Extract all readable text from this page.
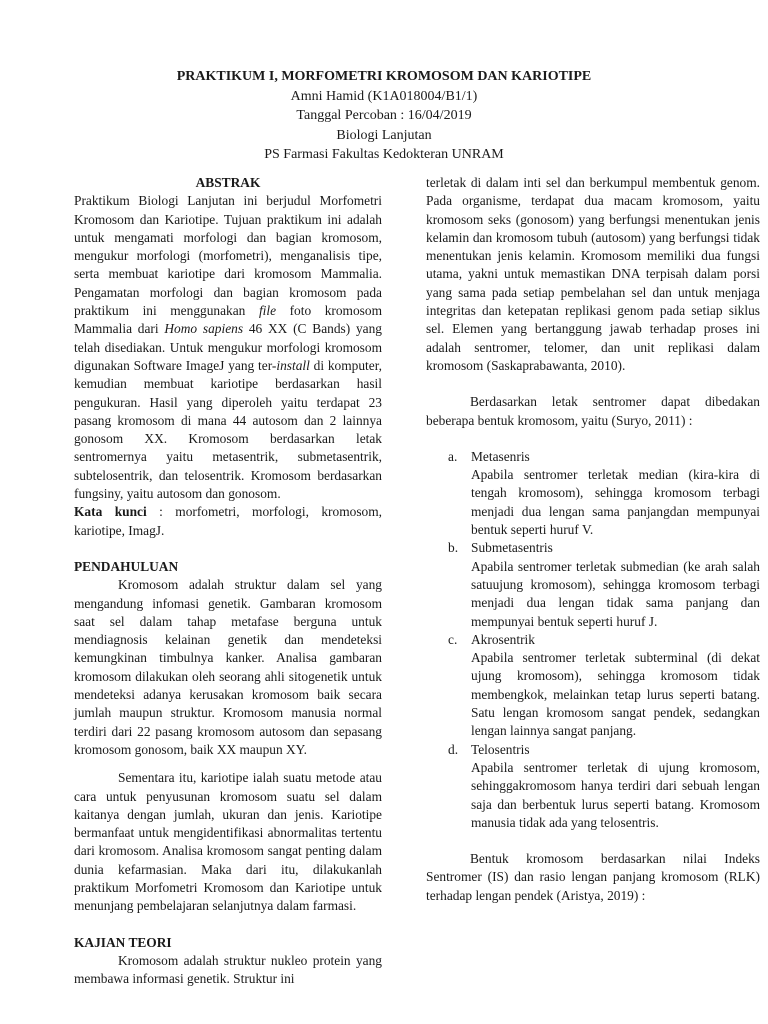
PRAKTIKUM I, MORFOMETRI KROMOSOM DAN KARIOTIPE
Amni Hamid (K1A018004/B1/1)
Tanggal Percoban : 16/04/2019
Biologi Lanjutan
PS Farmasi Fakultas Kedokteran UNRAM
ABSTRAK

Praktikum Biologi Lanjutan ini berjudul Morfometri Kromosom dan Kariotipe. Tujuan praktikum ini adalah untuk mengamati morfologi dan bagian kromosom, mengukur morfologi (morfometri), menganalisis tipe, serta membuat kariotipe dari kromosom Mammalia. Pengamatan morfologi dan bagian kromosom pada praktikum ini menggunakan file foto kromosom Mammalia dari Homo sapiens 46 XX (C Bands) yang telah disediakan. Untuk mengukur morfologi kromosom digunakan Software ImageJ yang ter-install di komputer, kemudian membuat kariotipe berdasarkan hasil pengukuran. Hasil yang diperoleh yaitu terdapat 23 pasang kromosom di mana 44 autosom dan 2 lainnya gonosom XX. Kromosom berdasarkan letak sentromernya yaitu metasentrik, submetasentrik, subtelosentrik, dan telosentrik. Kromosom berdasarkan fungsiny, yaitu autosom dan gonosom.

Kata kunci : morfometri, morfologi, kromosom, kariotipe, ImagJ.

PENDAHULUAN

Kromosom adalah struktur dalam sel yang mengandung infomasi genetik. Gambaran kromosom saat sel dalam tahap metafase berguna untuk mendiagnosis kelainan genetik dan mendeteksi kemungkinan timbulnya kanker. Analisa gambaran kromosom dilakukan oleh seorang ahli sitogenetik untuk mendeteksi adanya kerusakan kromosom baik secara jumlah maupun struktur. Kromosom manusia normal terdiri dari 22 pasang kromosom autosom dan sepasang kromosom gonosom, baik XX maupun XY.

Sementara itu, kariotipe ialah suatu metode atau cara untuk penyusunan kromosom suatu sel dalam kaitanya dengan jumlah, ukuran dan jenis. Kariotipe bermanfaat untuk mengidentifikasi abnormalitas tertentu dari kromosom. Analisa kromosom sangat penting dalam dunia kefarmasian. Maka dari itu, dilakukanlah praktikum Morfometri Kromosom dan Kariotipe untuk menunjang pembelajaran selanjutnya dalam farmasi.

KAJIAN TEORI

Kromosom adalah struktur nukleo protein yang membawa informasi genetik. Struktur ini

terletak di dalam inti sel dan berkumpul membentuk genom. Pada organisme, terdapat dua macam kromosom, yaitu kromosom seks (gonosom) yang berfungsi menentukan jenis kelamin dan kromosom tubuh (autosom) yang berfungsi tidak menentukan jenis kelamin. Kromosom memiliki dua fungsi utama, yakni untuk memastikan DNA terpisah dalam porsi yang sama pada setiap pembelahan sel dan untuk menjaga integritas dan ketepatan replikasi genom pada setiap siklus sel. Elemen yang bertanggung jawab terhadap proses ini adalah sentromer, telomer, dan unit replikasi dalam kromosom (Saskaprabawanta, 2010).

Berdasarkan letak sentromer dapat dibedakan beberapa bentuk kromosom, yaitu (Suryo, 2011) :

a. Metasenris
Apabila sentromer terletak median (kira-kira di tengah kromosom), sehingga kromosom terbagi menjadi dua lengan sama panjangdan mempunyai bentuk seperti huruf V.
b. Submetasentris
Apabila sentromer terletak submedian (ke arah salah satuujung kromosom), sehingga kromosom terbagi menjadi dua lengan tidak sama panjang dan mempunyai bentuk seperti huruf J.
c. Akrosentrik
Apabila sentromer terletak subterminal (di dekat ujung kromosom), sehingga kromosom tidak membengkok, melainkan tetap lurus seperti batang. Satu lengan kromosom sangat pendek, sedangkan lengan lainnya sangat panjang.
d. Telosentris
Apabila sentromer terletak di ujung kromosom, sehinggakromosom hanya terdiri dari sebuah lengan saja dan berbentuk lurus seperti batang. Kromosom manusia tidak ada yang telosentris.

Bentuk kromosom berdasarkan nilai Indeks Sentromer (IS) dan rasio lengan panjang kromosom (RLK) terhadap lengan pendek (Aristya, 2019) :
